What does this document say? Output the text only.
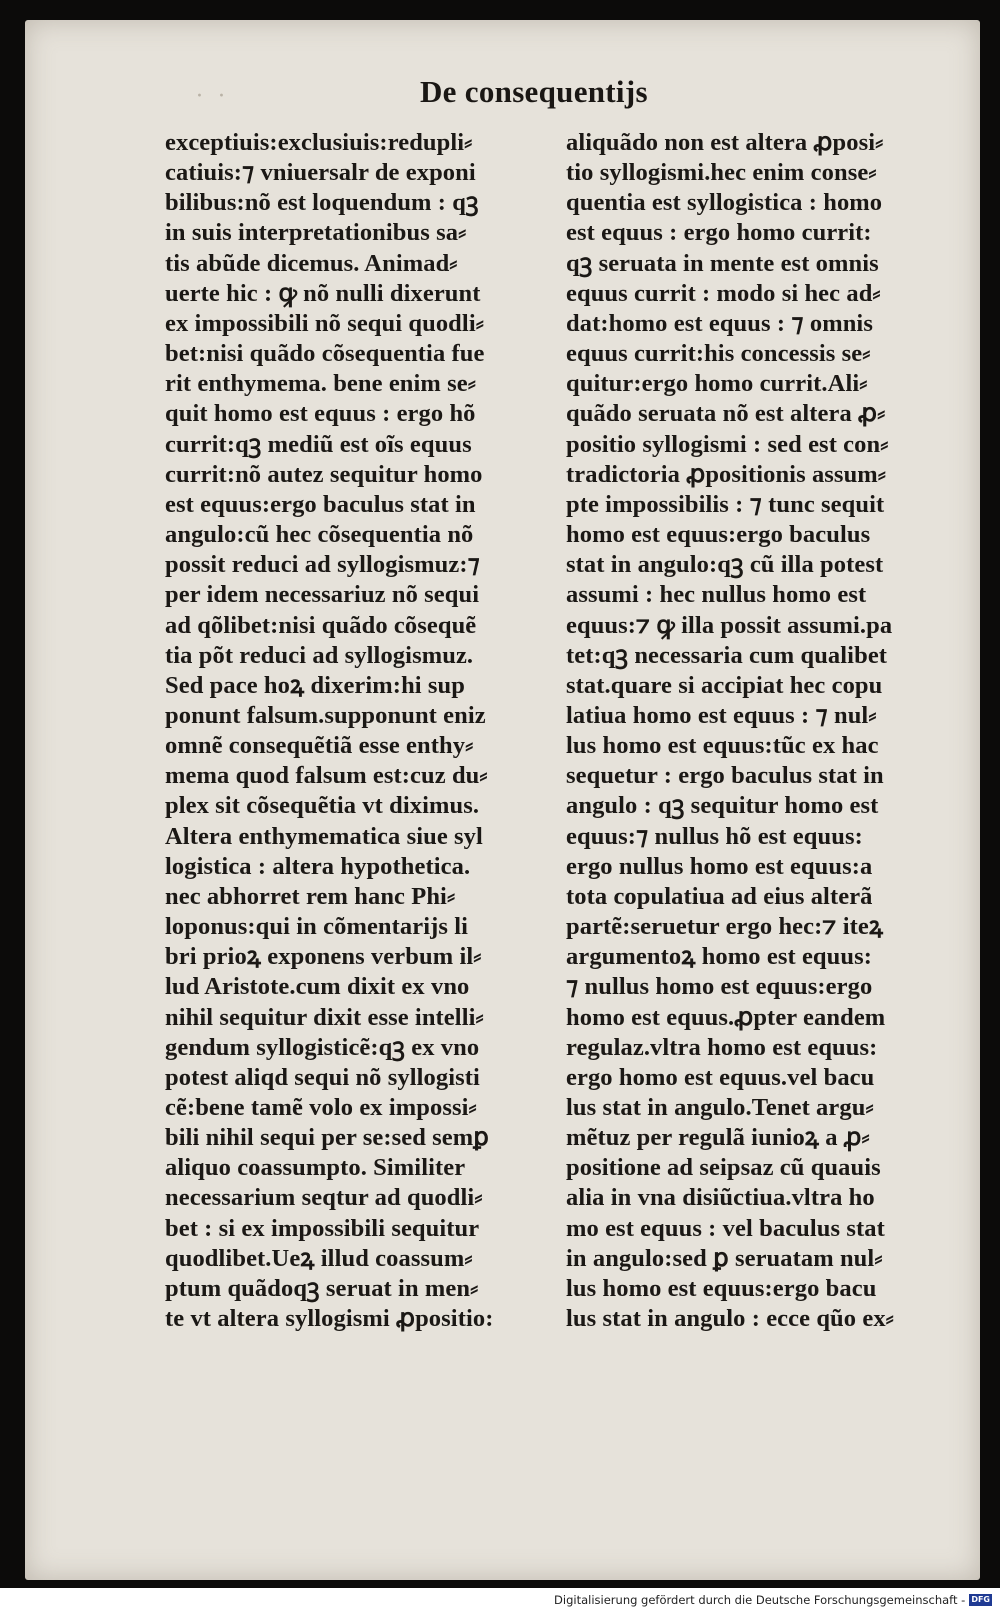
· ·	De consequentijs
exceptiuis:exclusiuis:redupli⸗
catiuis:⁊ vniuersalr de exponi
bilibus:nõ est loquendum : qꝫ
in suis interpretationibus sa⸗
tis abũde dicemus. Animad⸗
uerte hic : ꝙ nõ nulli dixerunt
ex impossibili nõ sequi quodli⸗
bet:nisi quãdo cõsequentia fue
rit enthymema. bene enim se⸗
quit homo est equus : ergo hõ
currit:qꝫ mediũ est oĩs equus
currit:nõ autez sequitur homo
est equus:ergo baculus stat in
angulo:cũ hec cõsequentia nõ
possit reduci ad syllogismuz:⁊
per idem necessariuz nõ sequi
ad qõlibet:nisi quãdo cõsequẽ
tia põt reduci ad syllogismuz.
Sed pace hoꝝ dixerim:hi sup
ponunt falsum.supponunt eniz
omnẽ consequẽtiã esse enthy⸗
mema quod falsum est:cuz du⸗
plex sit cõsequẽtia vt diximus.
Altera enthymematica siue syl
logistica : altera hypothetica.
nec abhorret rem hanc Phi⸗
loponus:qui in cõmentarijs li
bri prioꝝ exponens verbum il⸗
lud Aristote.cum dixit ex vno
nihil sequitur dixit esse intelli⸗
gendum syllogisticẽ:qꝫ ex vno
potest aliqd sequi nõ syllogisti
cẽ:bene tamẽ volo ex impossi⸗
bili nihil sequi per se:sed semꝑ
aliquo coassumpto. Similiter
necessarium seqtur ad quodli⸗
bet : si ex impossibili sequitur
quodlibet.Ueꝝ illud coassum⸗
ptum quãdoqꝫ seruat in men⸗
te vt altera syllogismi ꝓpositio:
aliquãdo non est altera ꝓposi⸗
tio syllogismi.hec enim conse⸗
quentia est syllogistica : homo
est equus : ergo homo currit:
qꝫ seruata in mente est omnis
equus currit : modo si hec ad⸗
dat:homo est equus : ⁊ omnis
equus currit:his concessis se⸗
quitur:ergo homo currit.Ali⸗
quãdo seruata nõ est altera ꝓ⸗
positio syllogismi : sed est con⸗
tradictoria ꝓpositionis assum⸗
pte impossibilis : ⁊ tunc sequit
homo est equus:ergo baculus
stat in angulo:qꝫ cũ illa potest
assumi : hec nullus homo est
equus:⁊ ꝙ illa possit assumi.pa
tet:qꝫ necessaria cum qualibet
stat.quare si accipiat hec copu
latiua homo est equus : ⁊ nul⸗
lus homo est equus:tũc ex hac
sequetur : ergo baculus stat in
angulo : qꝫ sequitur homo est
equus:⁊ nullus hõ est equus:
ergo nullus homo est equus:a
tota copulatiua ad eius alterã
partẽ:seruetur ergo hec:⁊ iteꝝ
argumentoꝝ homo est equus:
⁊ nullus homo est equus:ergo
homo est equus.ꝓpter eandem
regulaz.vltra homo est equus:
ergo homo est equus.vel bacu
lus stat in angulo.Tenet argu⸗
mẽtuz per regulã iunioꝝ a ꝓ⸗
positione ad seipsaz cũ quauis
alia in vna disiũctiua.vltra ho
mo est equus : vel baculus stat
in angulo:sed ꝑ seruatam nul⸗
lus homo est equus:ergo bacu
lus stat in angulo : ecce qũo ex⸗
Digitalisierung gefördert durch die Deutsche Forschungsgemeinschaft - DFG
